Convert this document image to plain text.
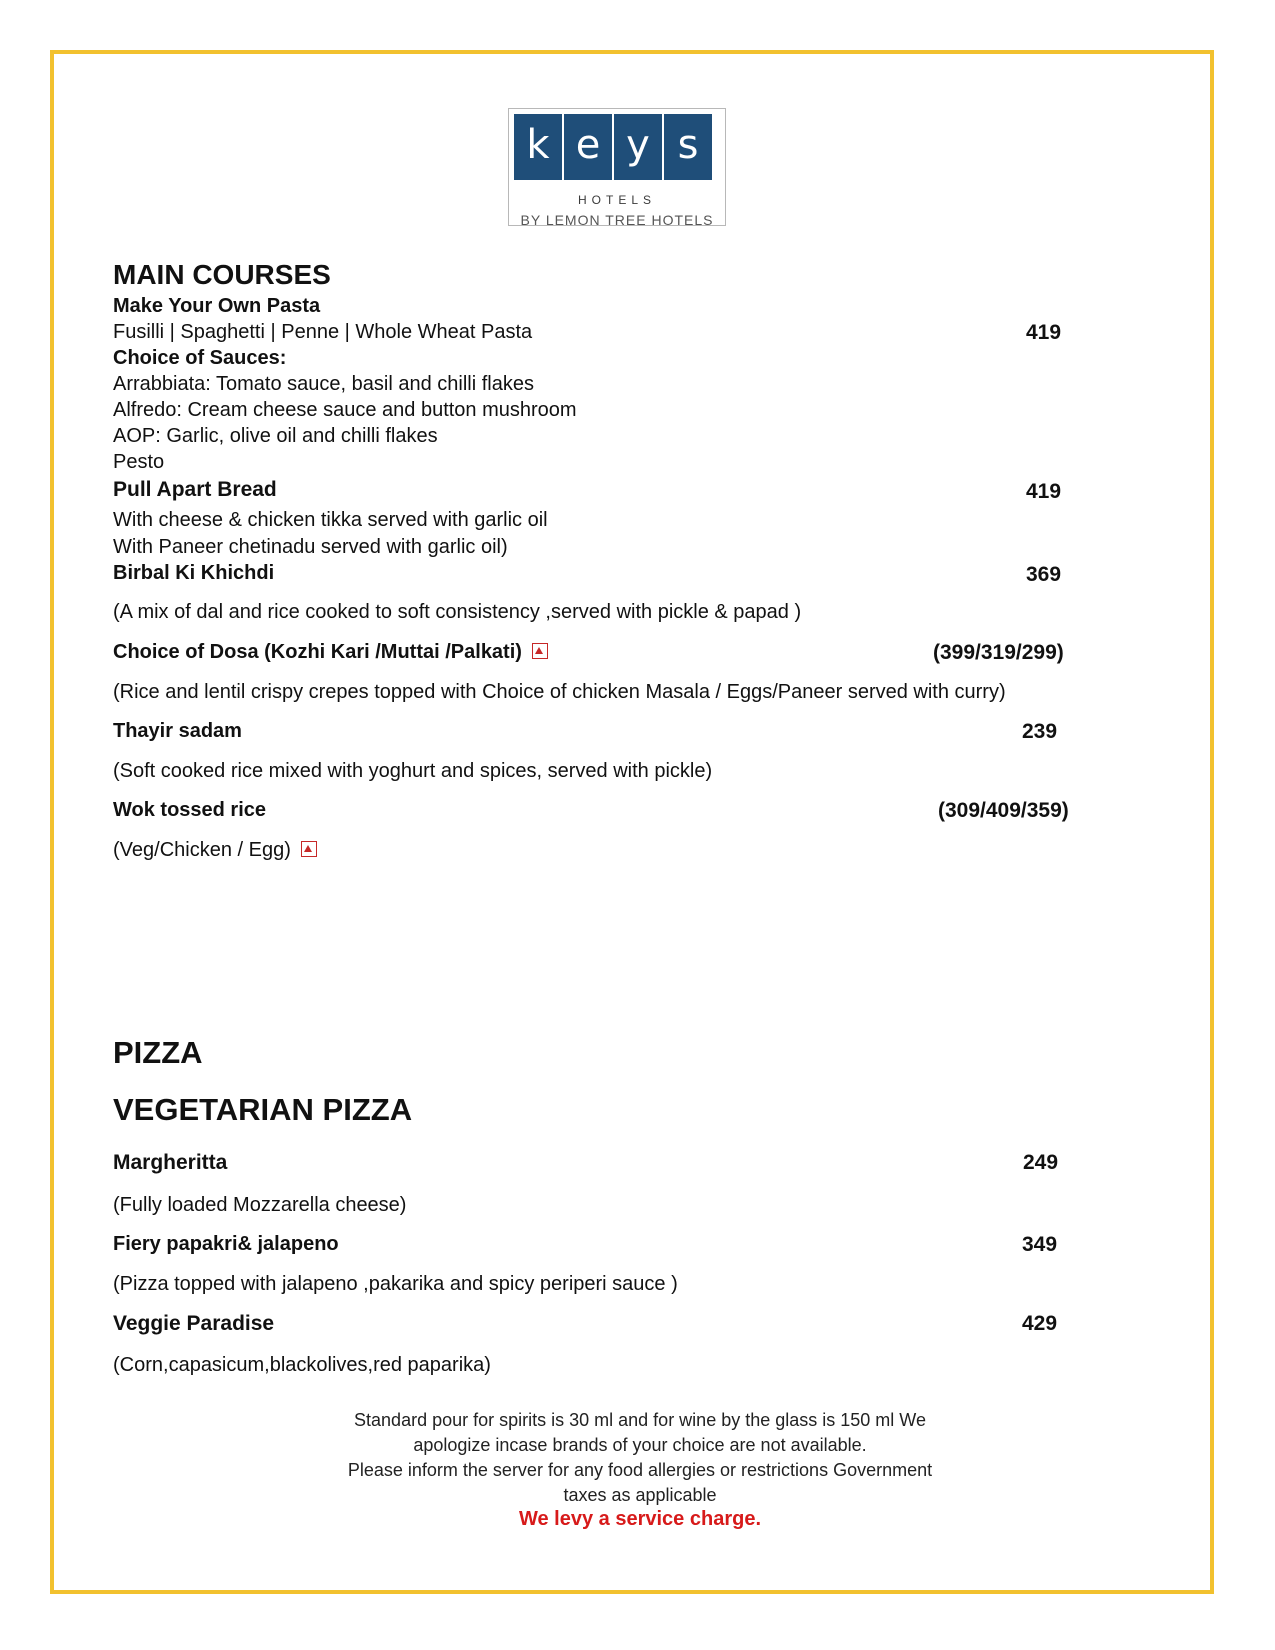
k e y s
HOTELS
BY LEMON TREE HOTELS
MAIN COURSES
Make Your Own Pasta
Fusilli | Spaghetti | Penne | Whole Wheat Pasta	419
Choice of Sauces:
Arrabbiata: Tomato sauce, basil and chilli flakes
Alfredo: Cream cheese sauce and button mushroom
AOP: Garlic, olive oil and chilli flakes
Pesto
Pull Apart Bread	419
With cheese & chicken tikka served with garlic oil
With Paneer chetinadu served with garlic oil)
Birbal Ki Khichdi	369
(A mix of dal and rice cooked to soft consistency ,served with pickle & papad )
Choice of Dosa (Kozhi Kari /Muttai /Palkati)	(399/319/299)
(Rice and lentil crispy crepes topped with Choice of chicken Masala / Eggs/Paneer served with curry)
Thayir sadam	239
(Soft cooked rice mixed with yoghurt and spices, served with pickle)
Wok tossed rice	(309/409/359)
(Veg/Chicken / Egg)
PIZZA
VEGETARIAN PIZZA
Margheritta	249
(Fully loaded Mozzarella cheese)
Fiery papakri& jalapeno	349
(Pizza topped with jalapeno ,pakarika and spicy periperi sauce )
Veggie Paradise	429
(Corn,capasicum,blackolives,red paparika)
Standard pour for spirits is 30 ml and for wine by the glass is 150 ml We
apologize incase brands of your choice are not available.
Please inform the server for any food allergies or restrictions Government
taxes as applicable
We levy a service charge.
